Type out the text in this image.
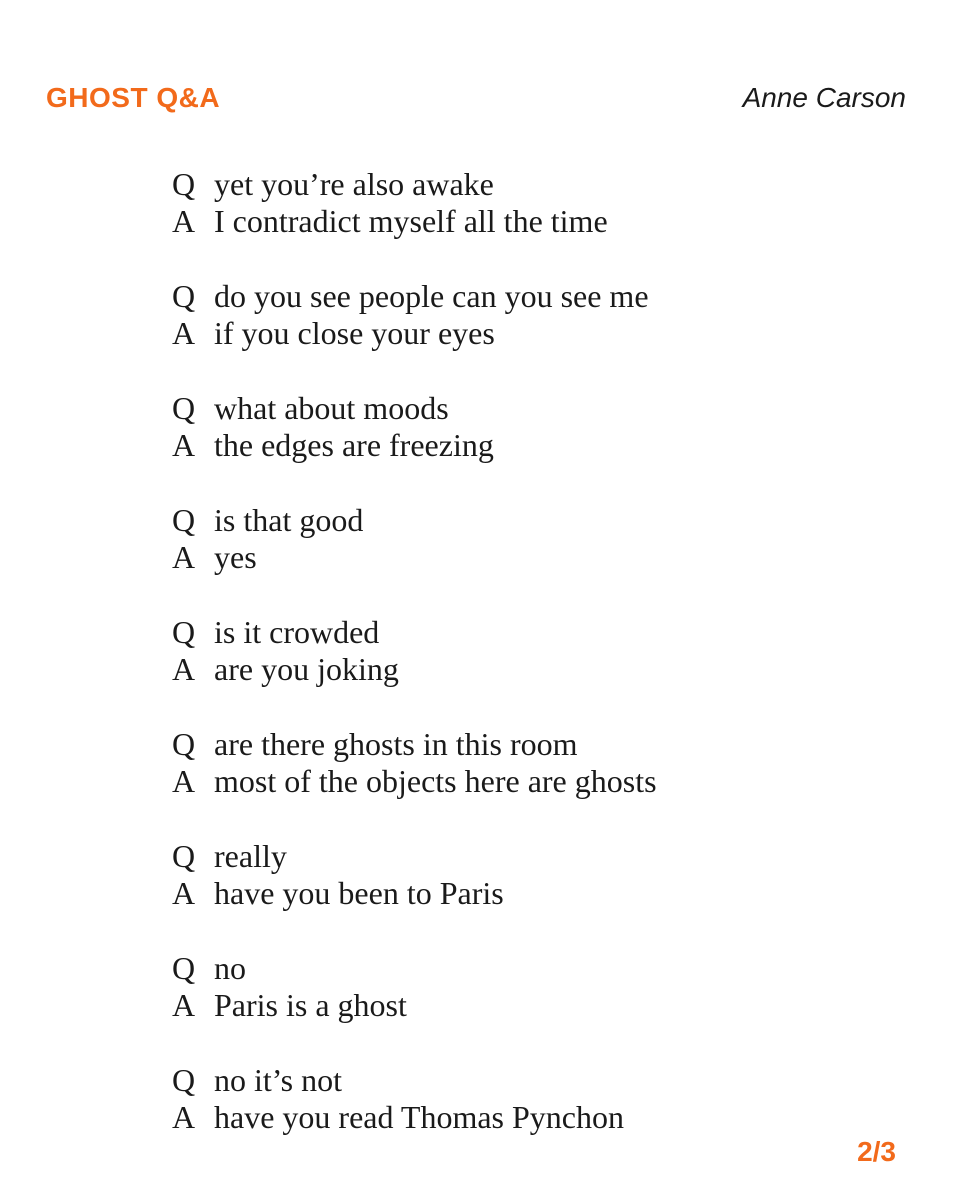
GHOST Q&A	Anne Carson
Q yet you’re also awake
A I contradict myself all the time
Q do you see people can you see me
A if you close your eyes
Q what about moods
A the edges are freezing
Q is that good
A yes
Q is it crowded
A are you joking
Q are there ghosts in this room
A most of the objects here are ghosts
Q really
A have you been to Paris
Q no
A Paris is a ghost
Q no it’s not
A have you read Thomas Pynchon
2/3
